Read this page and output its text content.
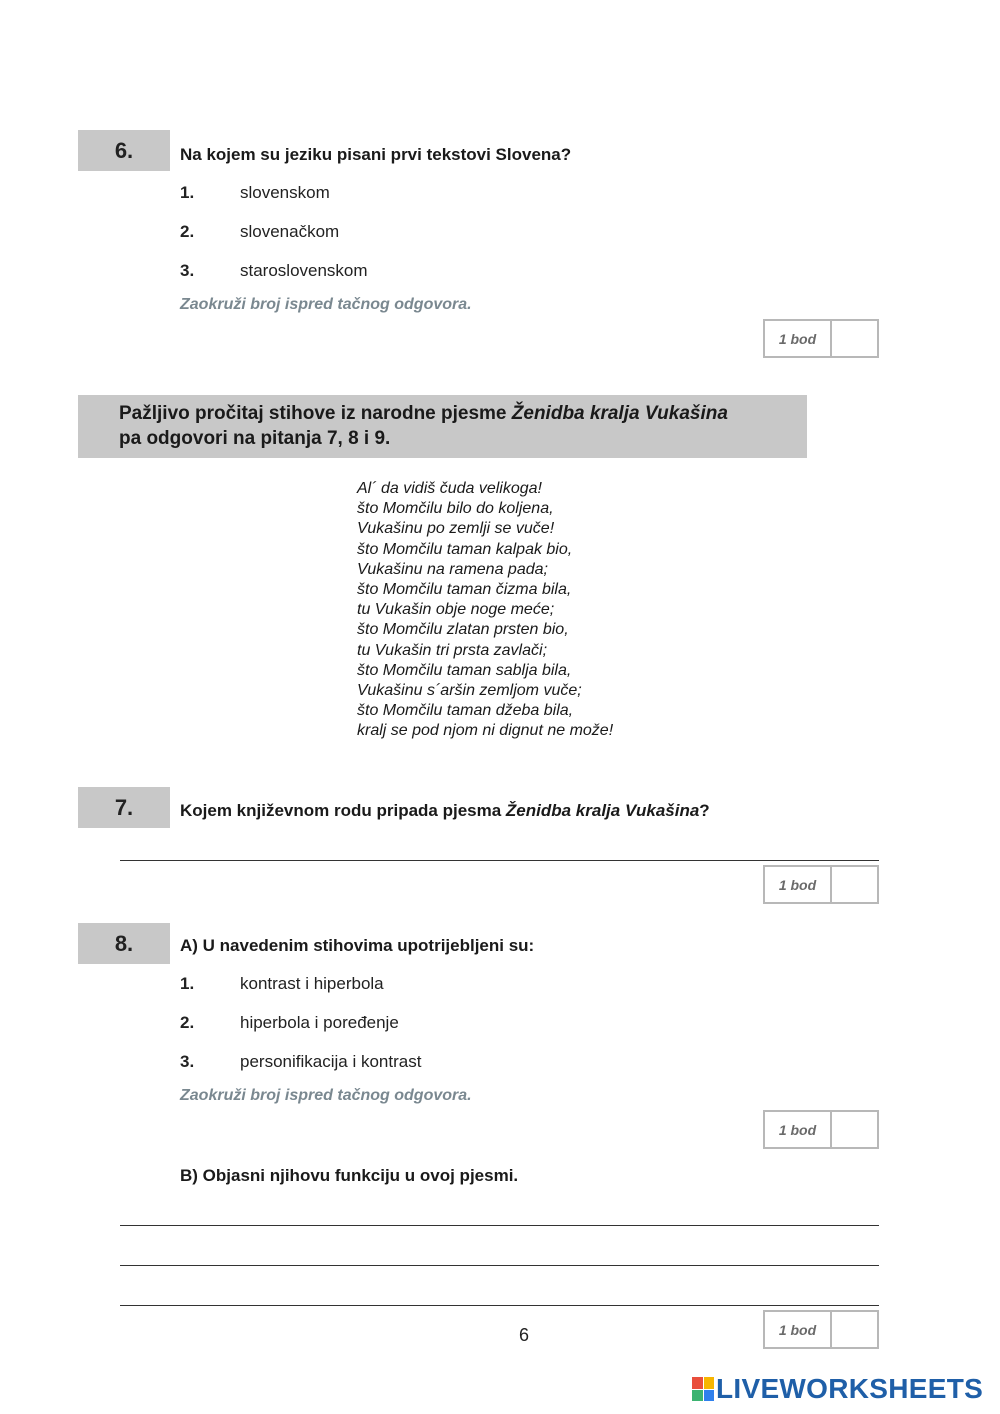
6.	Na kojem su jeziku pisani prvi tekstovi Slovena?
1.	slovenskom
2.	slovenačkom
3.	staroslovenskom
Zaokruži broj ispred tačnog odgovora.
1 bod
Pažljivo pročitaj stihove iz narodne pjesme Ženidba kralja Vukašina
pa odgovori na pitanja 7, 8 i 9.
Al´ da vidiš čuda velikoga!
što Momčilu bilo do koljena,
Vukašinu po zemlji se vuče!
što Momčilu taman kalpak bio,
Vukašinu na ramena pada;
što Momčilu taman čizma bila,
tu Vukašin obje noge meće;
što Momčilu zlatan prsten bio,
tu Vukašin tri prsta zavlači;
što Momčilu taman sablja bila,
Vukašinu s´aršin zemljom vuče;
što Momčilu taman džeba bila,
kralj se pod njom ni dignut ne može!
7.	Kojem književnom rodu pripada pjesma Ženidba kralja Vukašina?
1 bod
8.	A) U navedenim stihovima upotrijebljeni su:
1.	kontrast i hiperbola
2.	hiperbola i poređenje
3.	personifikacija i kontrast
Zaokruži broj ispred tačnog odgovora.
1 bod
B) Objasni njihovu funkciju u ovoj pjesmi.
6	1 bod
LIVEWORKSHEETS
